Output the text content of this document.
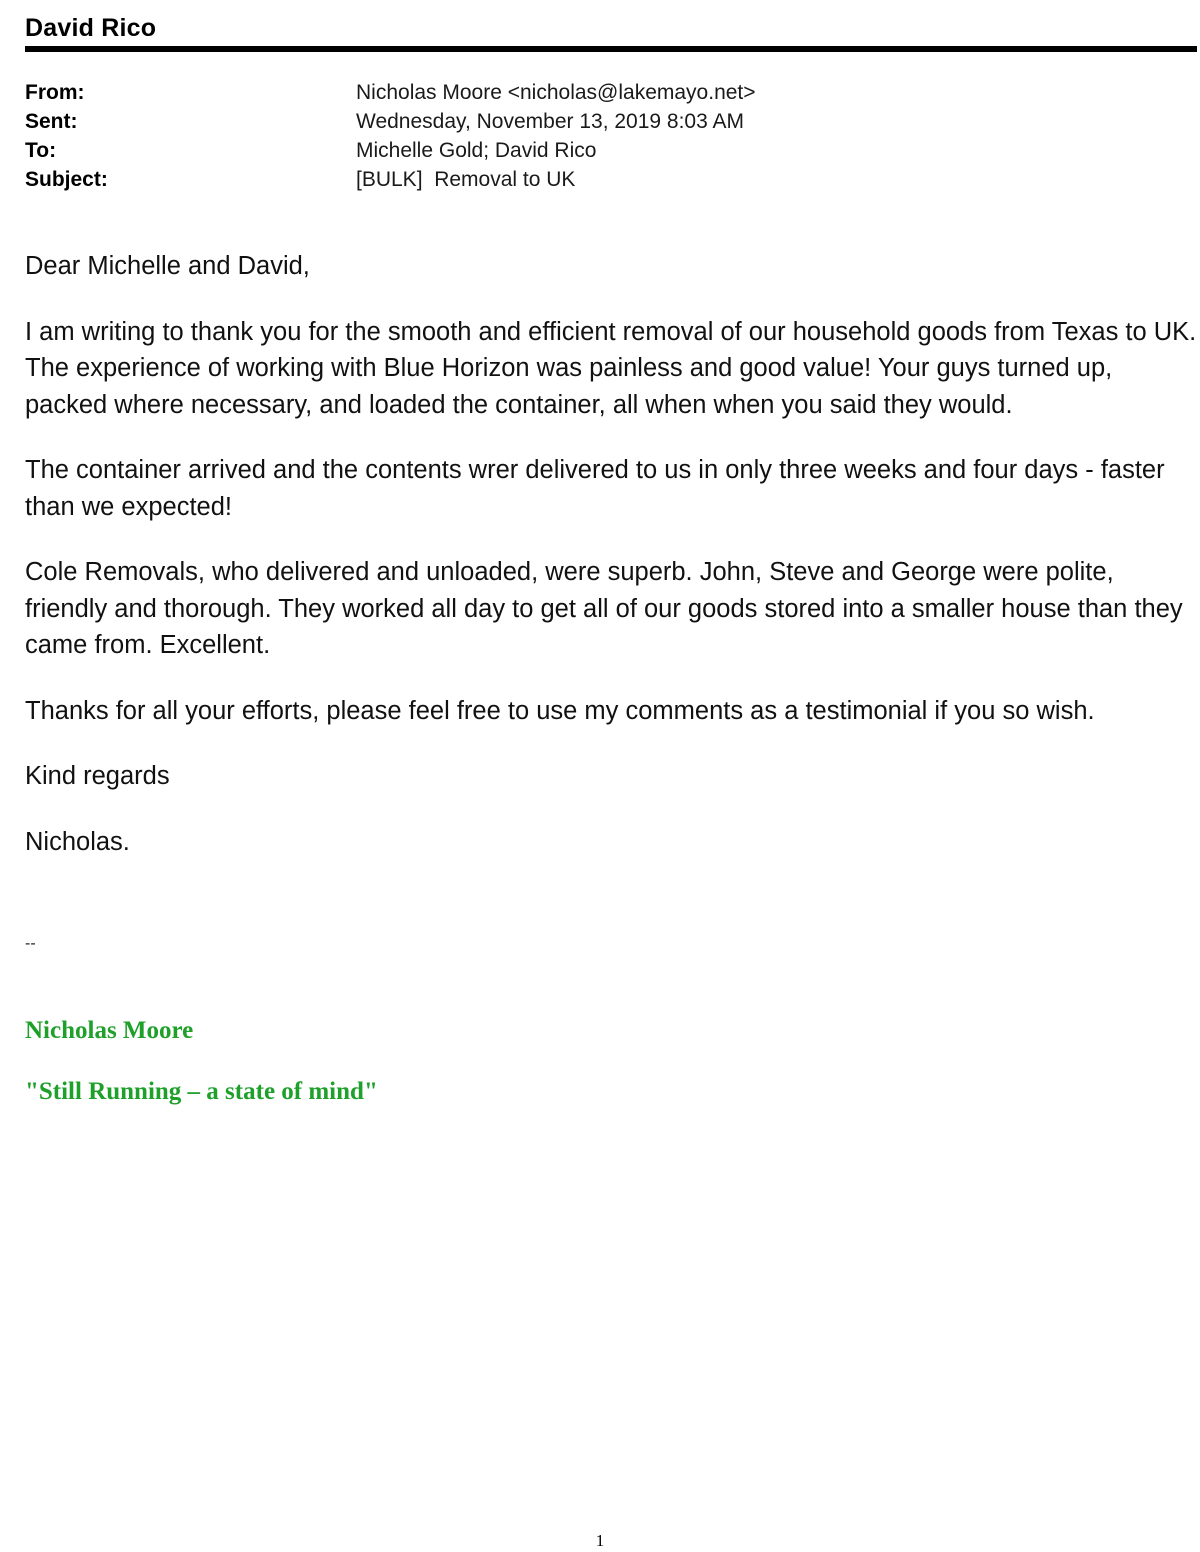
David Rico
From:	Nicholas Moore <nicholas@lakemayo.net>
Sent:	Wednesday, November 13, 2019 8:03 AM
To:	Michelle Gold; David Rico
Subject:	[BULK]  Removal to UK

Dear Michelle and David,

I am writing to thank you for the smooth and efficient removal of our household goods from Texas to UK. The experience of working with Blue Horizon was painless and good value! Your guys turned up, packed where necessary, and loaded the container, all when when you said they would.

The container arrived and the contents wrer delivered to us in only three weeks and four days - faster than we expected!

Cole Removals, who delivered and unloaded, were superb. John, Steve and George were polite, friendly and thorough. They worked all day to get all of our goods stored into a smaller house than they came from. Excellent.

Thanks for all your efforts, please feel free to use my comments as a testimonial if you so wish.

Kind regards

Nicholas.

--
Nicholas Moore
"Still Running – a state of mind"
1
